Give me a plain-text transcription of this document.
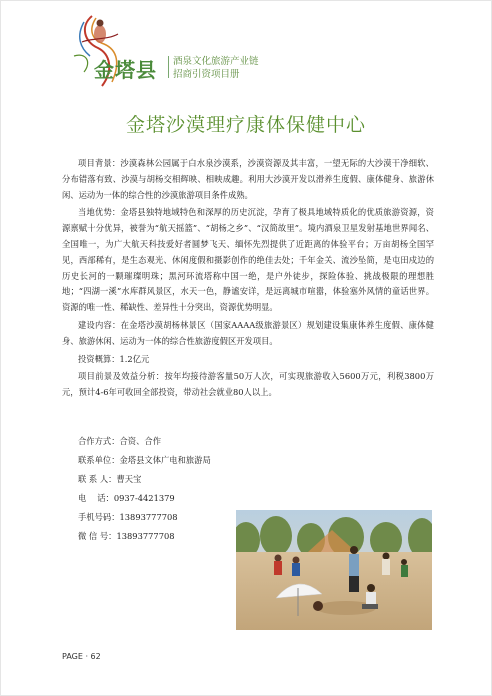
金塔县 酒泉文化旅游产业链
招商引资项目册
金塔沙漠理疗康体保健中心

项目背景：沙漠森林公园属于白水泉沙漠系，沙漠资源及其丰富，一望无际的大沙漠干净细软、分布错落有致、沙漠与胡杨交相辉映、相映成趣。利用大沙漠开发以滑养生度假、康体健身、旅游休闲、运动为一体的综合性的沙漠旅游项目条件成熟。

当地优势：金塔县独特地域特色和深厚的历史沉淀，孕育了极具地域特质化的优质旅游资源，资源禀赋十分优异，被誉为“航天摇篮”、“胡杨之乡”、“汉简故里”。境内酒泉卫星发射基地世界闻名、全国唯一，为广大航天科技爱好者圆梦飞天、缅怀先烈提供了近距离的体验平台；万亩胡杨全国罕见，西部稀有，是生态观光、休闲度假和摄影创作的绝佳去处；千年金关、流沙坠简，是屯田戍边的历史长河的一颗璀璨明珠；黑河环流塔称中国一绝，是户外徒步，探险体验、挑战极限的理想胜地；“四湖一溪”水库群风景区，水天一色，静谧安详，是远离城市喧嚣，体验塞外风情的童话世界。资源的唯一性、稀缺性、差异性十分突出，资源优势明显。

建设内容：在金塔沙漠胡杨林景区（国家AAAA级旅游景区）规划建设集康体养生度假、康体健身、旅游休闲、运动为一体的综合性旅游度假区开发项目。

投资概算：1.2亿元

项目前景及效益分析：按年均接待游客量50万人次，可实现旅游收入5600万元，利税3800万元，预计4-6年可收回全部投资，带动社会就业80人以上。

合作方式：合资、合作
联系单位：金塔县文体广电和旅游局
联 系 人：曹天宝
电　 话：0937-4421379
手机号码：13893777708
微 信 号：13893777708
PAGE · 62
